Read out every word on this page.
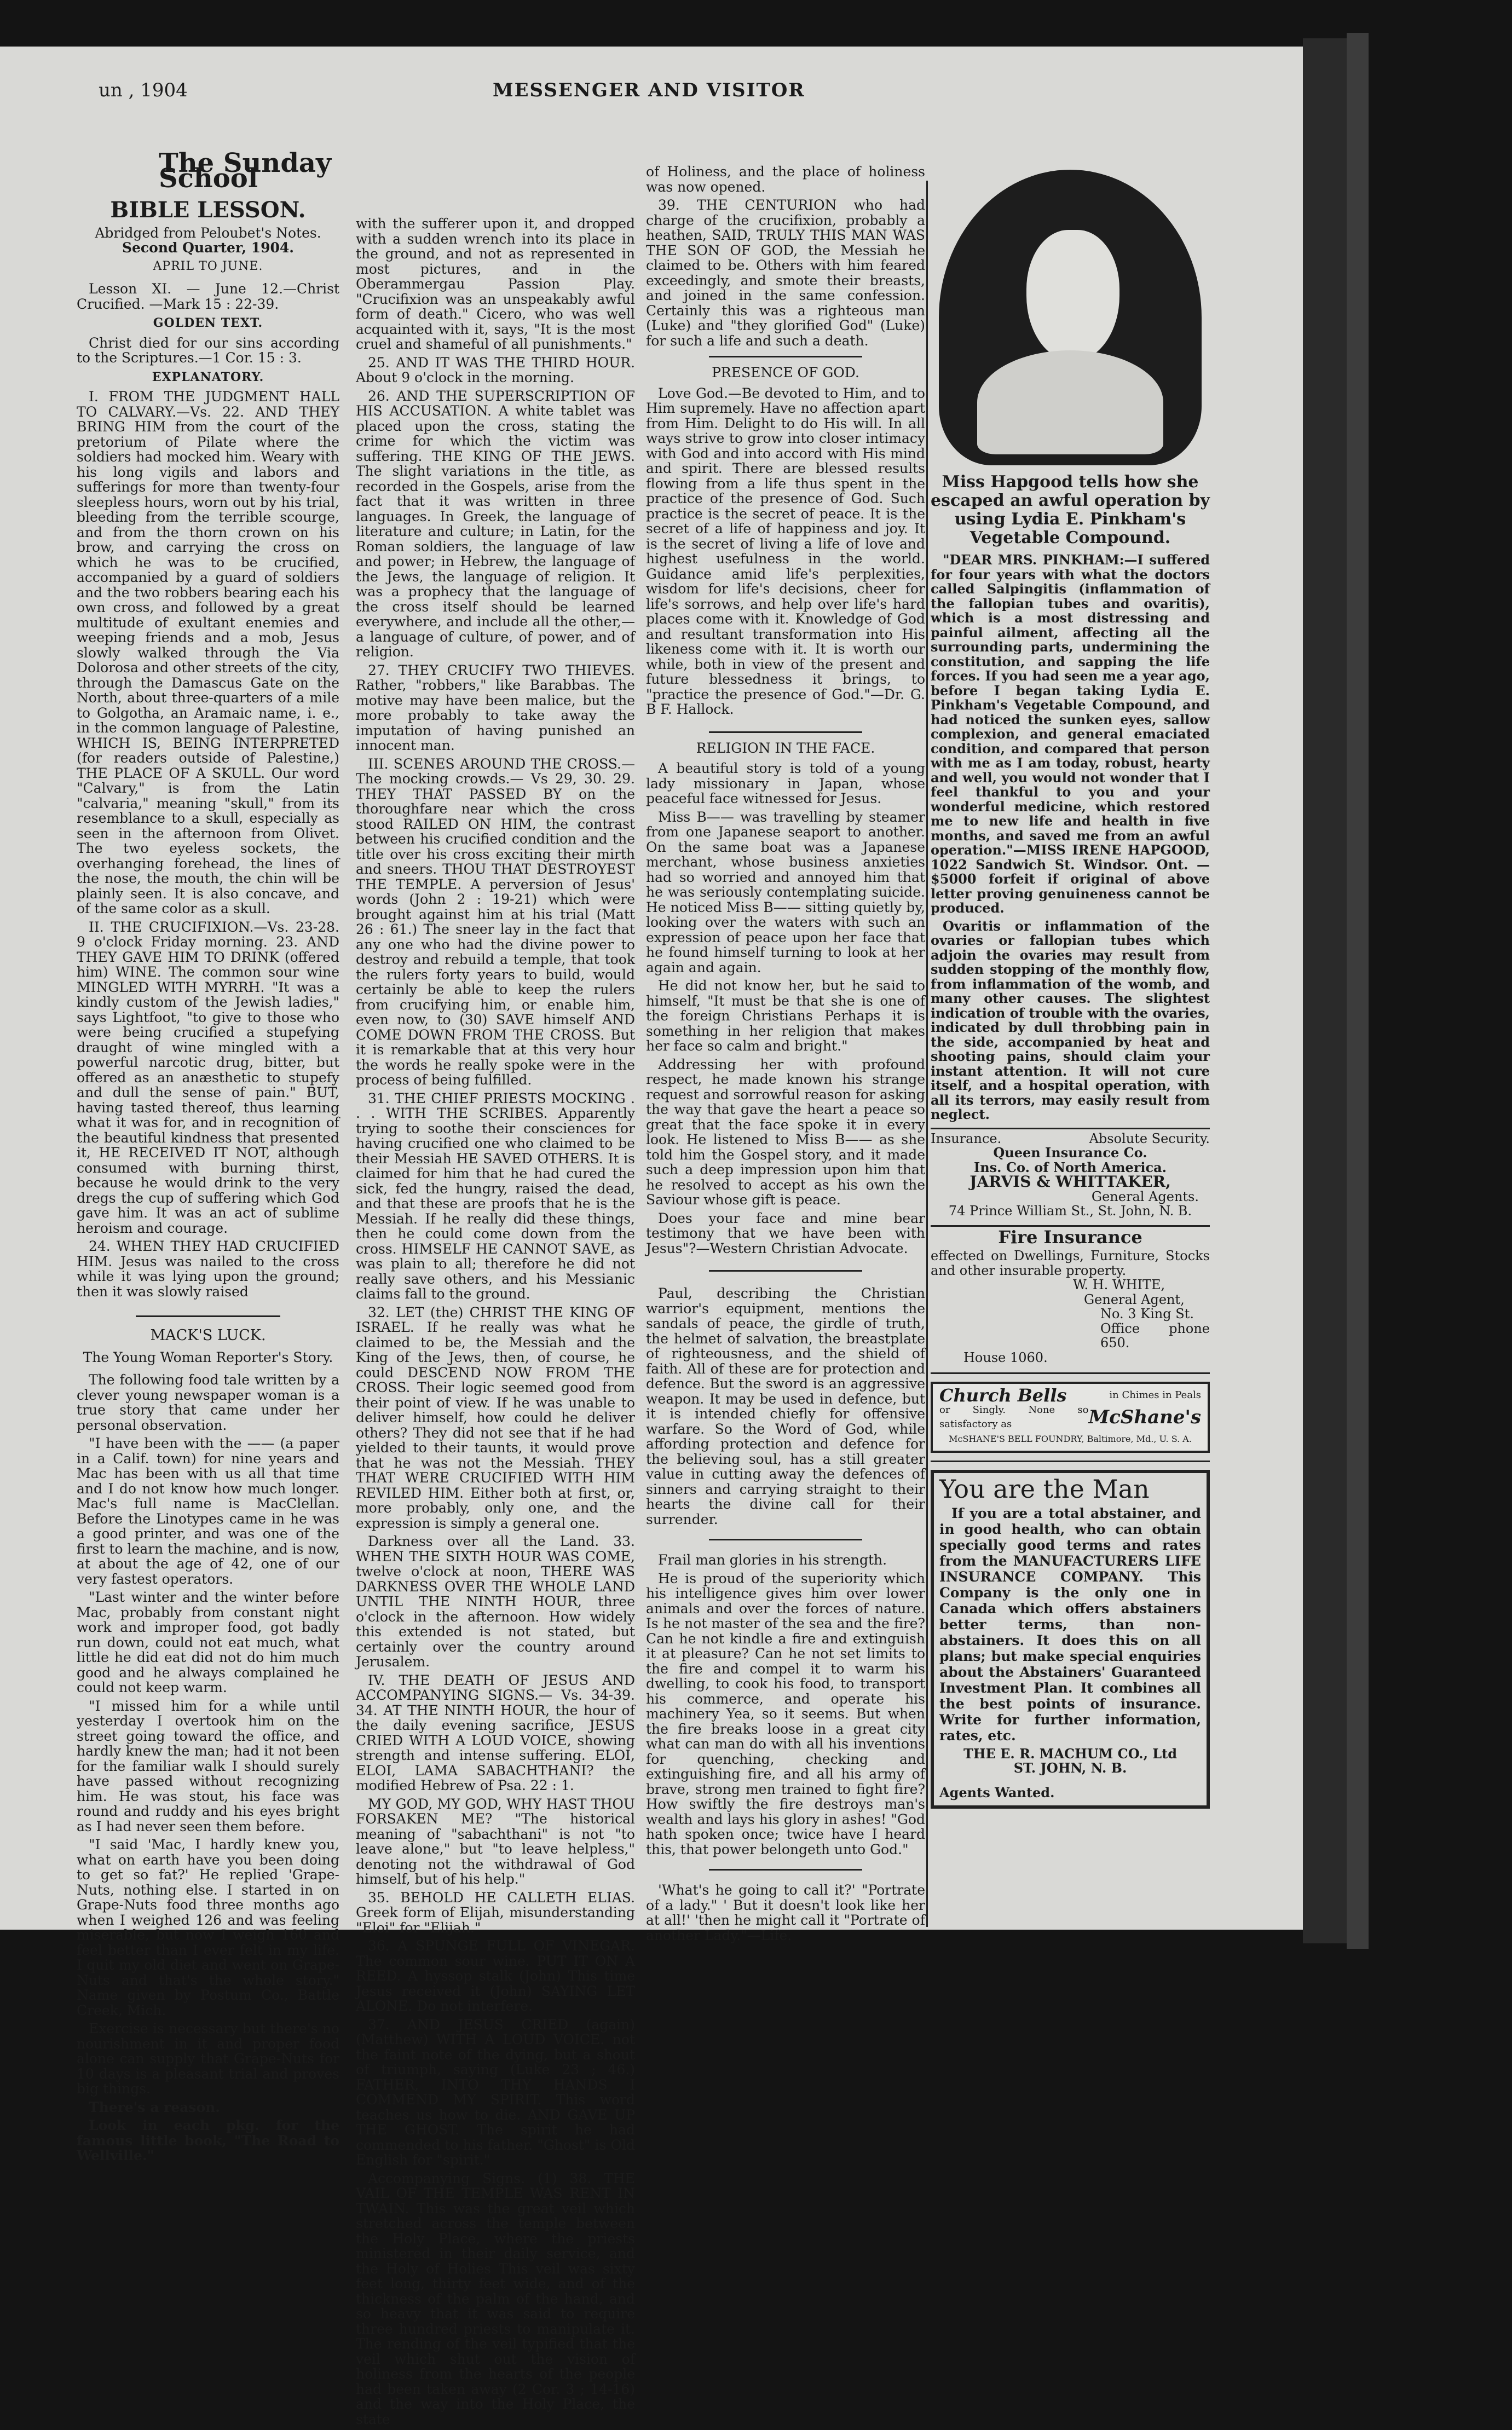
un , 1904	MESSENGER AND VISITOR
The Sunday School
BIBLE LESSON.
Abridged from Peloubet's Notes.
Second Quarter, 1904.
APRIL TO JUNE.

Lesson XI. — June 12.—Christ Crucified. —Mark 15 : 22-39.

GOLDEN TEXT.

Christ died for our sins according to the Scriptures.—1 Cor. 15 : 3.

EXPLANATORY.

I. FROM THE JUDGMENT HALL TO CALVARY.—Vs. 22. AND THEY BRING HIM from the court of the pretorium of Pilate where the soldiers had mocked him. Weary with his long vigils and labors and sufferings for more than twenty-four sleepless hours, worn out by his trial, bleeding from the terrible scourge, and from the thorn crown on his brow, and carrying the cross on which he was to be crucified, accompanied by a guard of soldiers and the two robbers bearing each his own cross, and followed by a great multitude of exultant enemies and weeping friends and a mob, Jesus slowly walked through the Via Dolorosa and other streets of the city, through the Damascus Gate on the North, about three-quarters of a mile to Golgotha, an Aramaic name, i. e., in the common language of Palestine, WHICH IS, BEING INTERPRETED (for readers outside of Palestine,) THE PLACE OF A SKULL. Our word "Calvary," is from the Latin "calvaria," meaning "skull," from its resemblance to a skull, especially as seen in the afternoon from Olivet. The two eyeless sockets, the overhanging forehead, the lines of the nose, the mouth, the chin will be plainly seen. It is also concave, and of the same color as a skull.

II. THE CRUCIFIXION.—Vs. 23-28. 9 o'clock Friday morning. 23. AND THEY GAVE HIM TO DRINK (offered him) WINE. The common sour wine MINGLED WITH MYRRH. "It was a kindly custom of the Jewish ladies," says Lightfoot, "to give to those who were being crucified a stupefying draught of wine mingled with a powerful narcotic drug, bitter, but offered as an anæsthetic to stupefy and dull the sense of pain." BUT, having tasted thereof, thus learning what it was for, and in recognition of the beautiful kindness that presented it, HE RECEIVED IT NOT, although consumed with burning thirst, because he would drink to the very dregs the cup of suffering which God gave him. It was an act of sublime heroism and courage.

24. WHEN THEY HAD CRUCIFIED HIM. Jesus was nailed to the cross while it was lying upon the ground; then it was slowly raised

MACK'S LUCK.
The Young Woman Reporter's Story.

The following food tale written by a clever young newspaper woman is a true story that came under her personal observation.

"I have been with the —— (a paper in a Calif. town) for nine years and Mac has been with us all that time and I do not know how much longer. Mac's full name is MacClellan. Before the Linotypes came in he was a good printer, and was one of the first to learn the machine, and is now, at about the age of 42, one of our very fastest operators.

"Last winter and the winter before Mac, probably from constant night work and improper food, got badly run down, could not eat much, what little he did eat did not do him much good and he always complained he could not keep warm.

"I missed him for a while until yesterday I overtook him on the street going toward the office, and hardly knew the man; had it not been for the familiar walk I should surely have passed without recognizing him. He was stout, his face was round and ruddy and his eyes bright as I had never seen them before.

"I said 'Mac, I hardly knew you, what on earth have you been doing to get so fat?' He replied 'Grape-Nuts, nothing else. I started in on Grape-Nuts food three months ago when I weighed 126 and was feeling miserable, but now I weigh 160 and feel better than I ever felt in my life. I quit my old diet and went on Grape-Nuts and that's the whole story." Name given by Postum Co., Battle Creek, Mich.

Exercise is necessary but there's no nourishment in it and proper food alone can supply that Grape-Nuts for 10 days is a pleasant trial and proves big things.

There's a reason.

Look in each pkg. for the famous little book, "The Road to Wellville."

with the sufferer upon it, and dropped with a sudden wrench into its place in the ground, and not as represented in most pictures, and in the Oberammergau Passion Play. "Crucifixion was an unspeakably awful form of death." Cicero, who was well acquainted with it, says, "It is the most cruel and shameful of all punishments."

25. AND IT WAS THE THIRD HOUR. About 9 o'clock in the morning.

26. AND THE SUPERSCRIPTION OF HIS ACCUSATION. A white tablet was placed upon the cross, stating the crime for which the victim was suffering. THE KING OF THE JEWS. The slight variations in the title, as recorded in the Gospels, arise from the fact that it was written in three languages. In Greek, the language of literature and culture; in Latin, for the Roman soldiers, the language of law and power; in Hebrew, the language of the Jews, the language of religion. It was a prophecy that the language of the cross itself should be learned everywhere, and include all the other,—a language of culture, of power, and of religion.

27. THEY CRUCIFY TWO THIEVES. Rather, "robbers," like Barabbas. The motive may have been malice, but the more probably to take away the imputation of having punished an innocent man.

III. SCENES AROUND THE CROSS.—The mocking crowds.— Vs 29, 30. 29. THEY THAT PASSED BY on the thoroughfare near which the cross stood RAILED ON HIM, the contrast between his crucified condition and the title over his cross exciting their mirth and sneers. THOU THAT DESTROYEST THE TEMPLE. A perversion of Jesus' words (John 2 : 19-21) which were brought against him at his trial (Matt 26 : 61.) The sneer lay in the fact that any one who had the divine power to destroy and rebuild a temple, that took the rulers forty years to build, would certainly be able to keep the rulers from crucifying him, or enable him, even now, to (30) SAVE himself AND COME DOWN FROM THE CROSS. But it is remarkable that at this very hour the words he really spoke were in the process of being fulfilled.

31. THE CHIEF PRIESTS MOCKING . . . WITH THE SCRIBES. Apparently trying to soothe their consciences for having crucified one who claimed to be their Messiah HE SAVED OTHERS. It is claimed for him that he had cured the sick, fed the hungry, raised the dead, and that these are proofs that he is the Messiah. If he really did these things, then he could come down from the cross. HIMSELF HE CANNOT SAVE, as was plain to all; therefore he did not really save others, and his Messianic claims fall to the ground.

32. LET (the) CHRIST THE KING OF ISRAEL. If he really was what he claimed to be, the Messiah and the King of the Jews, then, of course, he could DESCEND NOW FROM THE CROSS. Their logic seemed good from their point of view. If he was unable to deliver himself, how could he deliver others? They did not see that if he had yielded to their taunts, it would prove that he was not the Messiah. THEY THAT WERE CRUCIFIED WITH HIM REVILED HIM. Either both at first, or, more probably, only one, and the expression is simply a general one.

Darkness over all the Land. 33. WHEN THE SIXTH HOUR WAS COME, twelve o'clock at noon, THERE WAS DARKNESS OVER THE WHOLE LAND UNTIL THE NINTH HOUR, three o'clock in the afternoon. How widely this extended is not stated, but certainly over the country around Jerusalem.

IV. THE DEATH OF JESUS AND ACCOMPANYING SIGNS.— Vs. 34-39. 34. AT THE NINTH HOUR, the hour of the daily evening sacrifice, JESUS CRIED WITH A LOUD VOICE, showing strength and intense suffering. ELOI, ELOI, LAMA SABACHTHANI? the modified Hebrew of Psa. 22 : 1.

MY GOD, MY GOD, WHY HAST THOU FORSAKEN ME? "The historical meaning of "sabachthani" is not "to leave alone," but "to leave helpless," denoting not the withdrawal of God himself, but of his help."

35. BEHOLD HE CALLETH ELIAS. Greek form of Elijah, misunderstanding "Eloi" for "Elijah."

36. A SPUNGE FULL OF VINEGAR. The common sour wine. PUT IT ON A REED. A hyssop stalk (John) This time Jesus received it (John) SAYING LET ALONE. Do not interfere.

37. AND JESUS CRIED (again) (Matthew) WITH A LOUD VOICE. not the faint note of the dying, but a shout of triumph, saying (Luke 23 ; 46.) FATHER, INTO THY HANDS I COMMEND MY SPIRIT. This word teaches us how to die. AND GAVE UP THE GHOST. The spirit he had commended to his father. "Ghost" is Old English for "spirit."

Accompanying Signs. (1) 38. THE VAIL OF THE TEMPLE WAS RENT IN TWAIN. This was the great veil which stretched across the temple between the Holy Place, where the priests ministered in their daily service, and the Holy of Holies This veil was sixty feet long, thirty feet wide, and of the thickness of the palm of the hand, and so heavy that it was said to require three hundred priests to manipulate it. The rending of the veil typified that the veil which shut out the vision of holiness from the hearts of the people had been taken away (2 Cor. 3 ; 14-16) and the way into the Holy Place, the state

of Holiness, and the place of holiness was now opened.

39. THE CENTURION who had charge of the crucifixion, probably a heathen, SAID, TRULY THIS MAN WAS THE SON OF GOD, the Messiah he claimed to be. Others with him feared exceedingly, and smote their breasts, and joined in the same confession. Certainly this was a righteous man (Luke) and "they glorified God" (Luke) for such a life and such a death.

PRESENCE OF GOD.

Love God.—Be devoted to Him, and to Him supremely. Have no affection apart from Him. Delight to do His will. In all ways strive to grow into closer intimacy with God and into accord with His mind and spirit. There are blessed results flowing from a life thus spent in the practice of the presence of God. Such practice is the secret of peace. It is the secret of a life of happiness and joy. It is the secret of living a life of love and highest usefulness in the world. Guidance amid life's perplexities, wisdom for life's decisions, cheer for life's sorrows, and help over life's hard places come with it. Knowledge of God and resultant transformation into His likeness come with it. It is worth our while, both in view of the present and future blessedness it brings, to "practice the presence of God."—Dr. G. B F. Hallock.

RELIGION IN THE FACE.

A beautiful story is told of a young lady missionary in Japan, whose peaceful face witnessed for Jesus.

Miss B—— was travelling by steamer from one Japanese seaport to another. On the same boat was a Japanese merchant, whose business anxieties had so worried and annoyed him that he was seriously contemplating suicide. He noticed Miss B—— sitting quietly by, looking over the waters with such an expression of peace upon her face that he found himself turning to look at her again and again.

He did not know her, but he said to himself, "It must be that she is one of the foreign Christians Perhaps it is something in her religion that makes her face so calm and bright."

Addressing her with profound respect, he made known his strange request and sorrowful reason for asking the way that gave the heart a peace so great that the face spoke it in every look. He listened to Miss B—— as she told him the Gospel story, and it made such a deep impression upon him that he resolved to accept as his own the Saviour whose gift is peace.

Does your face and mine bear testimony that we have been with Jesus"?—Western Christian Advocate.

Paul, describing the Christian warrior's equipment, mentions the sandals of peace, the girdle of truth, the helmet of salvation, the breastplate of righteousness, and the shield of faith. All of these are for protection and defence. But the sword is an aggressive weapon. It may be used in defence, but it is intended chiefly for offensive warfare. So the Word of God, while affording protection and defence for the believing soul, has a still greater value in cutting away the defences of sinners and carrying straight to their hearts the divine call for their surrender.

Frail man glories in his strength.

He is proud of the superiority which his intelligence gives him over lower animals and over the forces of nature. Is he not master of the sea and the fire? Can he not kindle a fire and extinguish it at pleasure? Can he not set limits to the fire and compel it to warm his dwelling, to cook his food, to transport his commerce, and operate his machinery Yea, so it seems. But when the fire breaks loose in a great city what can man do with all his inventions for quenching, checking and extinguishing fire, and all his army of brave, strong men trained to fight fire? How swiftly the fire destroys man's wealth and lays his glory in ashes! "God hath spoken once; twice have I heard this, that power belongeth unto God."

'What's he going to call it?' "Portrate of a lady." ' But it doesn't look like her at all!' 'then he might call it "Portrate of another Lady."—Life.

Miss Hapgood tells how she escaped an awful operation by using Lydia E. Pinkham's Vegetable Compound.

"DEAR MRS. PINKHAM:—I suffered for four years with what the doctors called Salpingitis (inflammation of the fallopian tubes and ovaritis), which is a most distressing and painful ailment, affecting all the surrounding parts, undermining the constitution, and sapping the life forces. If you had seen me a year ago, before I began taking Lydia E. Pinkham's Vegetable Compound, and had noticed the sunken eyes, sallow complexion, and general emaciated condition, and compared that person with me as I am today, robust, hearty and well, you would not wonder that I feel thankful to you and your wonderful medicine, which restored me to new life and health in five months, and saved me from an awful operation."—MISS IRENE HAPGOOD, 1022 Sandwich St. Windsor. Ont. —$5000 forfeit if original of above letter proving genuineness cannot be produced.

Ovaritis or inflammation of the ovaries or fallopian tubes which adjoin the ovaries may result from sudden stopping of the monthly flow, from inflammation of the womb, and many other causes. The slightest indication of trouble with the ovaries, indicated by dull throbbing pain in the side, accompanied by heat and shooting pains, should claim your instant attention. It will not cure itself, and a hospital operation, with all its terrors, may easily result from neglect.

Insurance.	Absolute Security.
Queen Insurance Co.
Ins. Co. of North America.
JARVIS & WHITTAKER,
General Agents.
74 Prince William St., St. John, N. B.
Fire Insurance
effected on Dwellings, Furniture, Stocks and other insurable property.
W. H. WHITE,
General Agent,
No. 3 King St.
Office phone 650.
House 1060.
Church Bells	in Chimes in Peals
or Singly. None so satisfactory as	McShane's
McSHANE'S BELL FOUNDRY, Baltimore, Md., U. S. A.
You are the Man

If you are a total abstainer, and in good health, who can obtain specially good terms and rates from the MANUFACTURERS LIFE INSURANCE COMPANY. This Company is the only one in Canada which offers abstainers better terms, than non-abstainers. It does this on all plans; but make special enquiries about the Abstainers' Guaranteed Investment Plan. It combines all the best points of insurance. Write for further information, rates, etc.

THE E. R. MACHUM CO., Ltd
ST. JOHN, N. B.
Agents Wanted.
